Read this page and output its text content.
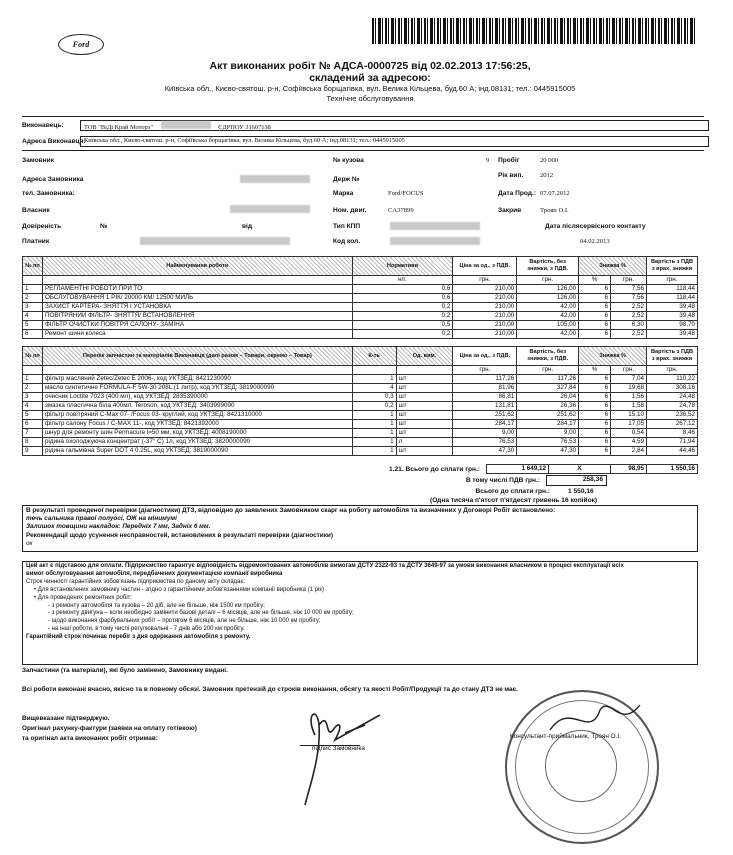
Ford
Акт виконаних робіт № АДСА-0000725 від 02.02.2013 17:56:25,
складений за адресою:
Київська обл., Києво-святош. р-н, Софіївська борщагівка, вул. Велика Кільцева, буд.60 А; інд.08131; тел.: 0445915005
Технічне обслуговування
Виконавець:	ТОВ "ВіДі Край Моторз"	ЄДРПОУ 31607138
Адреса Виконавця:
Київська обл., Києво-святош. р-н, Софіївська борщагівка, вул. Велика Кільцева, буд.60 А; інд.08131; тел.: 0445915005
Замовник	№ кузова	9 Пробіг	20 000
Адреса Замовника	Держ №
Рік вип.	2012
тел. Замовника:	Марка	Ford/FOCUS	Дата Прод.: 07.07.2012
Власник	Ном. двиг.	CA37899	Закрив	Троян О.І.
Довіреність	№	від	Тип КПП	Дата післясервісного контакту
Платник	Код кол.	04.02.2013
№ пп	Найменування роботи	Нормативи	Ціна за од., з ПДВ.	Вартість, без знижки, з ПДВ.	Знижка %		Вартість з ПДВ з врах. знижки
		н/г.	грн.	грн.	%	грн.	грн.
1	РЕГЛАМЕНТНІ РОБОТИ ПРИ ТО	0,6	210,00	126,00	6	7,56	118,44
2	ОБСЛУГОВУВАННЯ 1 РІК/ 20000 КМ/ 12500 МИЛЬ	0,6	210,00	126,00	6	7,56	118,44
3	ЗАХИСТ КАРТЕРА- ЗНЯТТЯ І УСТАНОВКА	0,2	210,00	42,00	6	2,52	39,48
4	ПОВІТРЯНИЙ ФІЛЬТР- ЗНЯТТЯ/ ВСТАНОВЛЕННЯ	0,2	210,00	42,00	6	2,52	39,48
5	ФІЛЬТР ОЧИСТКИ ПОВІТРЯ САЛОНУ- ЗАМІНА	0,5	210,00	105,00	6	6,30	98,70
6	Ремонт шини колеса	0,2	210,00	42,00	6	2,52	39,48
№ пп	Перелік запчастин та матеріалів Виконавця (далі разом – Товари, окремо – Товар)	К-ть	Од. вим.	Ціна за од., з ПДВ.	Вартість, без знижки, з ПДВ.	Знижка %		Вартість з ПДВ з врах. знижки
				грн.	грн.	%	грн.	грн.
1	фільтр масляний Zetec/Zetec E 2006-, код УКТЗЕД: 8421230090	1	шт	117,26	117,26	6	7,04	110,22
2	масло синтетичне FORMULA-F 5W-30 208L (1 литр), код УКТЗЕД: 3819000090	4	шт	81,96	327,84	6	19,68	308,16
3	очисник Loctite 7023 (400 мл), код УКТЗЕД: 2835390000	0,3	шт	86,81	26,04	6	1,56	24,48
4	змазка пластична біла 400мл. Teroson, код УКТЗЕД: 3403999090	0,2	шт	131,81	26,36	6	1,58	24,78
5	фільтр повітряний C-Max 07- /Focus 03- круглий, код УКТЗЕД: 8421310000	1	шт	251,62	251,62	6	15,10	236,52
6	фільтр салону Focus / C-MAX 11-, код УКТЗЕД: 8421392000	1	шт	284,17	284,17	6	17,05	267,12
7	шнур для ремонту шин Permacure l=50 мм, код УКТЗЕД: 4008190000	1	шт	9,00	9,00	6	0,54	8,46
8	рідина охолоджуюча концентрат (-37° С) 1л, код УКТЗЕД: 3820000090	1	л	76,53	76,53	6	4,59	71,94
9	рідина гальмівна Super DOT 4 0.25L, код УКТЗЕД: 3819000090	1	шт	47,30	47,30	6	2,84	44,46
1.21. Всього до сплати грн.:	1 649,12	X	98,95	1 550,16
В тому числі ПДВ грн.:	258,36
Всього до сплати грн.:	1 550,16
(Одна тисяча п'ятсот п'ятдесят гривень 16 копійок)
В результаті проведеної перевірки (діагностики) ДТЗ, відповідно до заявлених Замовником скарг на роботу автомобіля та визначених у Договорі Робіт встановлено:
течь сальника правої полуосі, ОЖ на мінимумі
Залишок товщини накладок: Передніх 7 мм, Задніх 6 мм.
Рекомендації щодо усунення несправностей, встановлених в результаті перевірки (діагностики)
ок
Цей акт є підставою для оплати. Підприємство гарантує відповідність відремонтованих автомобілів вимогам ДСТУ 2322-93 та ДСТУ 3649-97 за умови виконання власником в процесі експлуатації всіх
вимог обслуговування автомобіля, передбачених документацією компанії виробника
Строк чинності гарантійних зобов'язань підприємства по даному акту складає:
• Для встановлених замовнику частин - згідно з гарантійними зобов'язаннями компанії виробника (1 рік)
• Для проведених ремонтних робіт:
- з ремонту автомобіля та кузова – 20 діб, але не більше, ніж 1500 км пробігу;
- з ремонту двигуна – коли необхідно замінити базові деталі – 6 місяців, але не більше, ніж 10 000 км пробігу;
- щодо виконання фарбувальних робіт – протягом 6 місяців, але не більше, ніж 10 000 км пробігу;
- на інші роботи, в тому числі регулювальні - 7 днів або 200 км пробігу.
Гарантійний строк починає перебіг з дня одержання автомобіля з ремонту.
Запчастини (та матеріали), які було замінено, Замовнику видані.
Всі роботи виконані вчасно, якісно та в повному обсязі. Замовник претензій до строків виконання, обсягу та якості Робіт/Продукції та до стану ДТЗ не має.
Вищевказане підтверджую.
Оригінал рахунку-фактури (заявки на оплату готівкою)
та оригінал акта виконаних робіт отримав:
підпис Замовника
Консультант-приймальник, Троян О.І.
